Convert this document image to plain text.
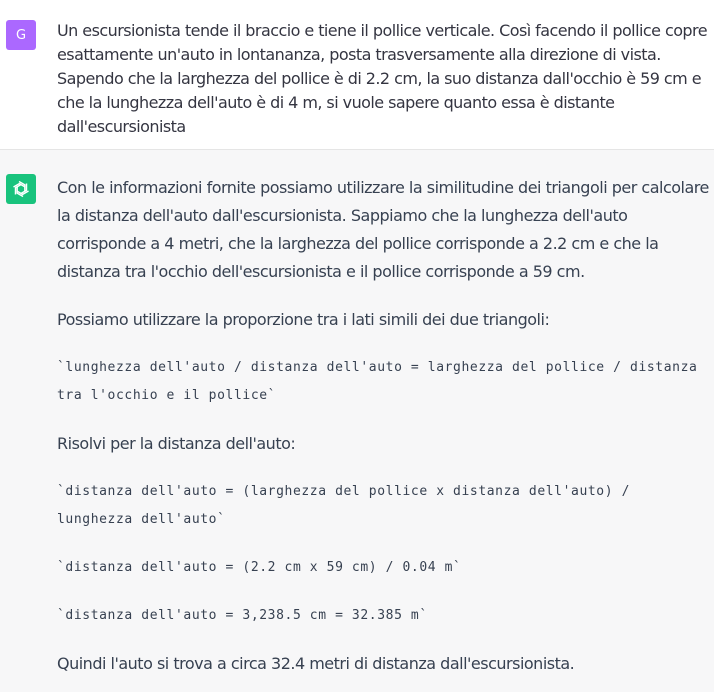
G	Un escursionista tende il braccio e tiene il pollice verticale. Così facendo il pollice copre esattamente un'auto in lontananza, posta trasversamente alla direzione di vista. Sapendo che la larghezza del pollice è di 2.2 cm, la suo distanza dall'occhio è 59 cm e che la lunghezza dell'auto è di 4 m, si vuole sapere quanto essa è distante dall'escursionista

Con le informazioni fornite possiamo utilizzare la similitudine dei triangoli per calcolare la distanza dell'auto dall'escursionista. Sappiamo che la lunghezza dell'auto corrisponde a 4 metri, che la larghezza del pollice corrisponde a 2.2 cm e che la distanza tra l'occhio dell'escursionista e il pollice corrisponde a 59 cm.

Possiamo utilizzare la proporzione tra i lati simili dei due triangoli:

`lunghezza dell'auto / distanza dell'auto = larghezza del pollice / distanza tra l'occhio e il pollice`

Risolvi per la distanza dell'auto:

`distanza dell'auto = (larghezza del pollice x distanza dell'auto) / lunghezza dell'auto`
`distanza dell'auto = (2.2 cm x 59 cm) / 0.04 m`
`distanza dell'auto = 3,238.5 cm = 32.385 m`

Quindi l'auto si trova a circa 32.4 metri di distanza dall'escursionista.
